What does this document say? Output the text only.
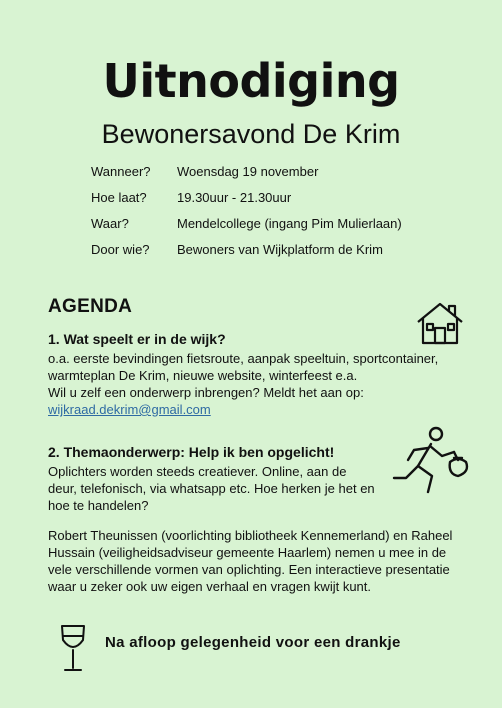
Uitnodiging
Bewonersavond De Krim
Wanneer?	Woensdag 19 november
Hoe laat?	19.30uur - 21.30uur
Waar?	Mendelcollege (ingang Pim Mulierlaan)
Door wie?	Bewoners van Wijkplatform de Krim
AGENDA
1. Wat speelt er in de wijk?
o.a. eerste bevindingen fietsroute, aanpak speeltuin, sportcontainer, warmteplan De Krim, nieuwe website, winterfeest e.a.
Wil u zelf een onderwerp inbrengen? Meldt het aan op:
wijkraad.dekrim@gmail.com
2. Themaonderwerp: Help ik ben opgelicht!
Oplichters worden steeds creatiever. Online, aan de deur, telefonisch, via whatsapp etc. Hoe herken je het en hoe te handelen?
Robert Theunissen (voorlichting bibliotheek Kennemerland) en Raheel Hussain (veiligheidsadviseur gemeente Haarlem) nemen u mee in de vele verschillende vormen van oplichting. Een interactieve presentatie waar u zeker ook uw eigen verhaal en vragen kwijt kunt.
Na afloop gelegenheid voor een drankje
